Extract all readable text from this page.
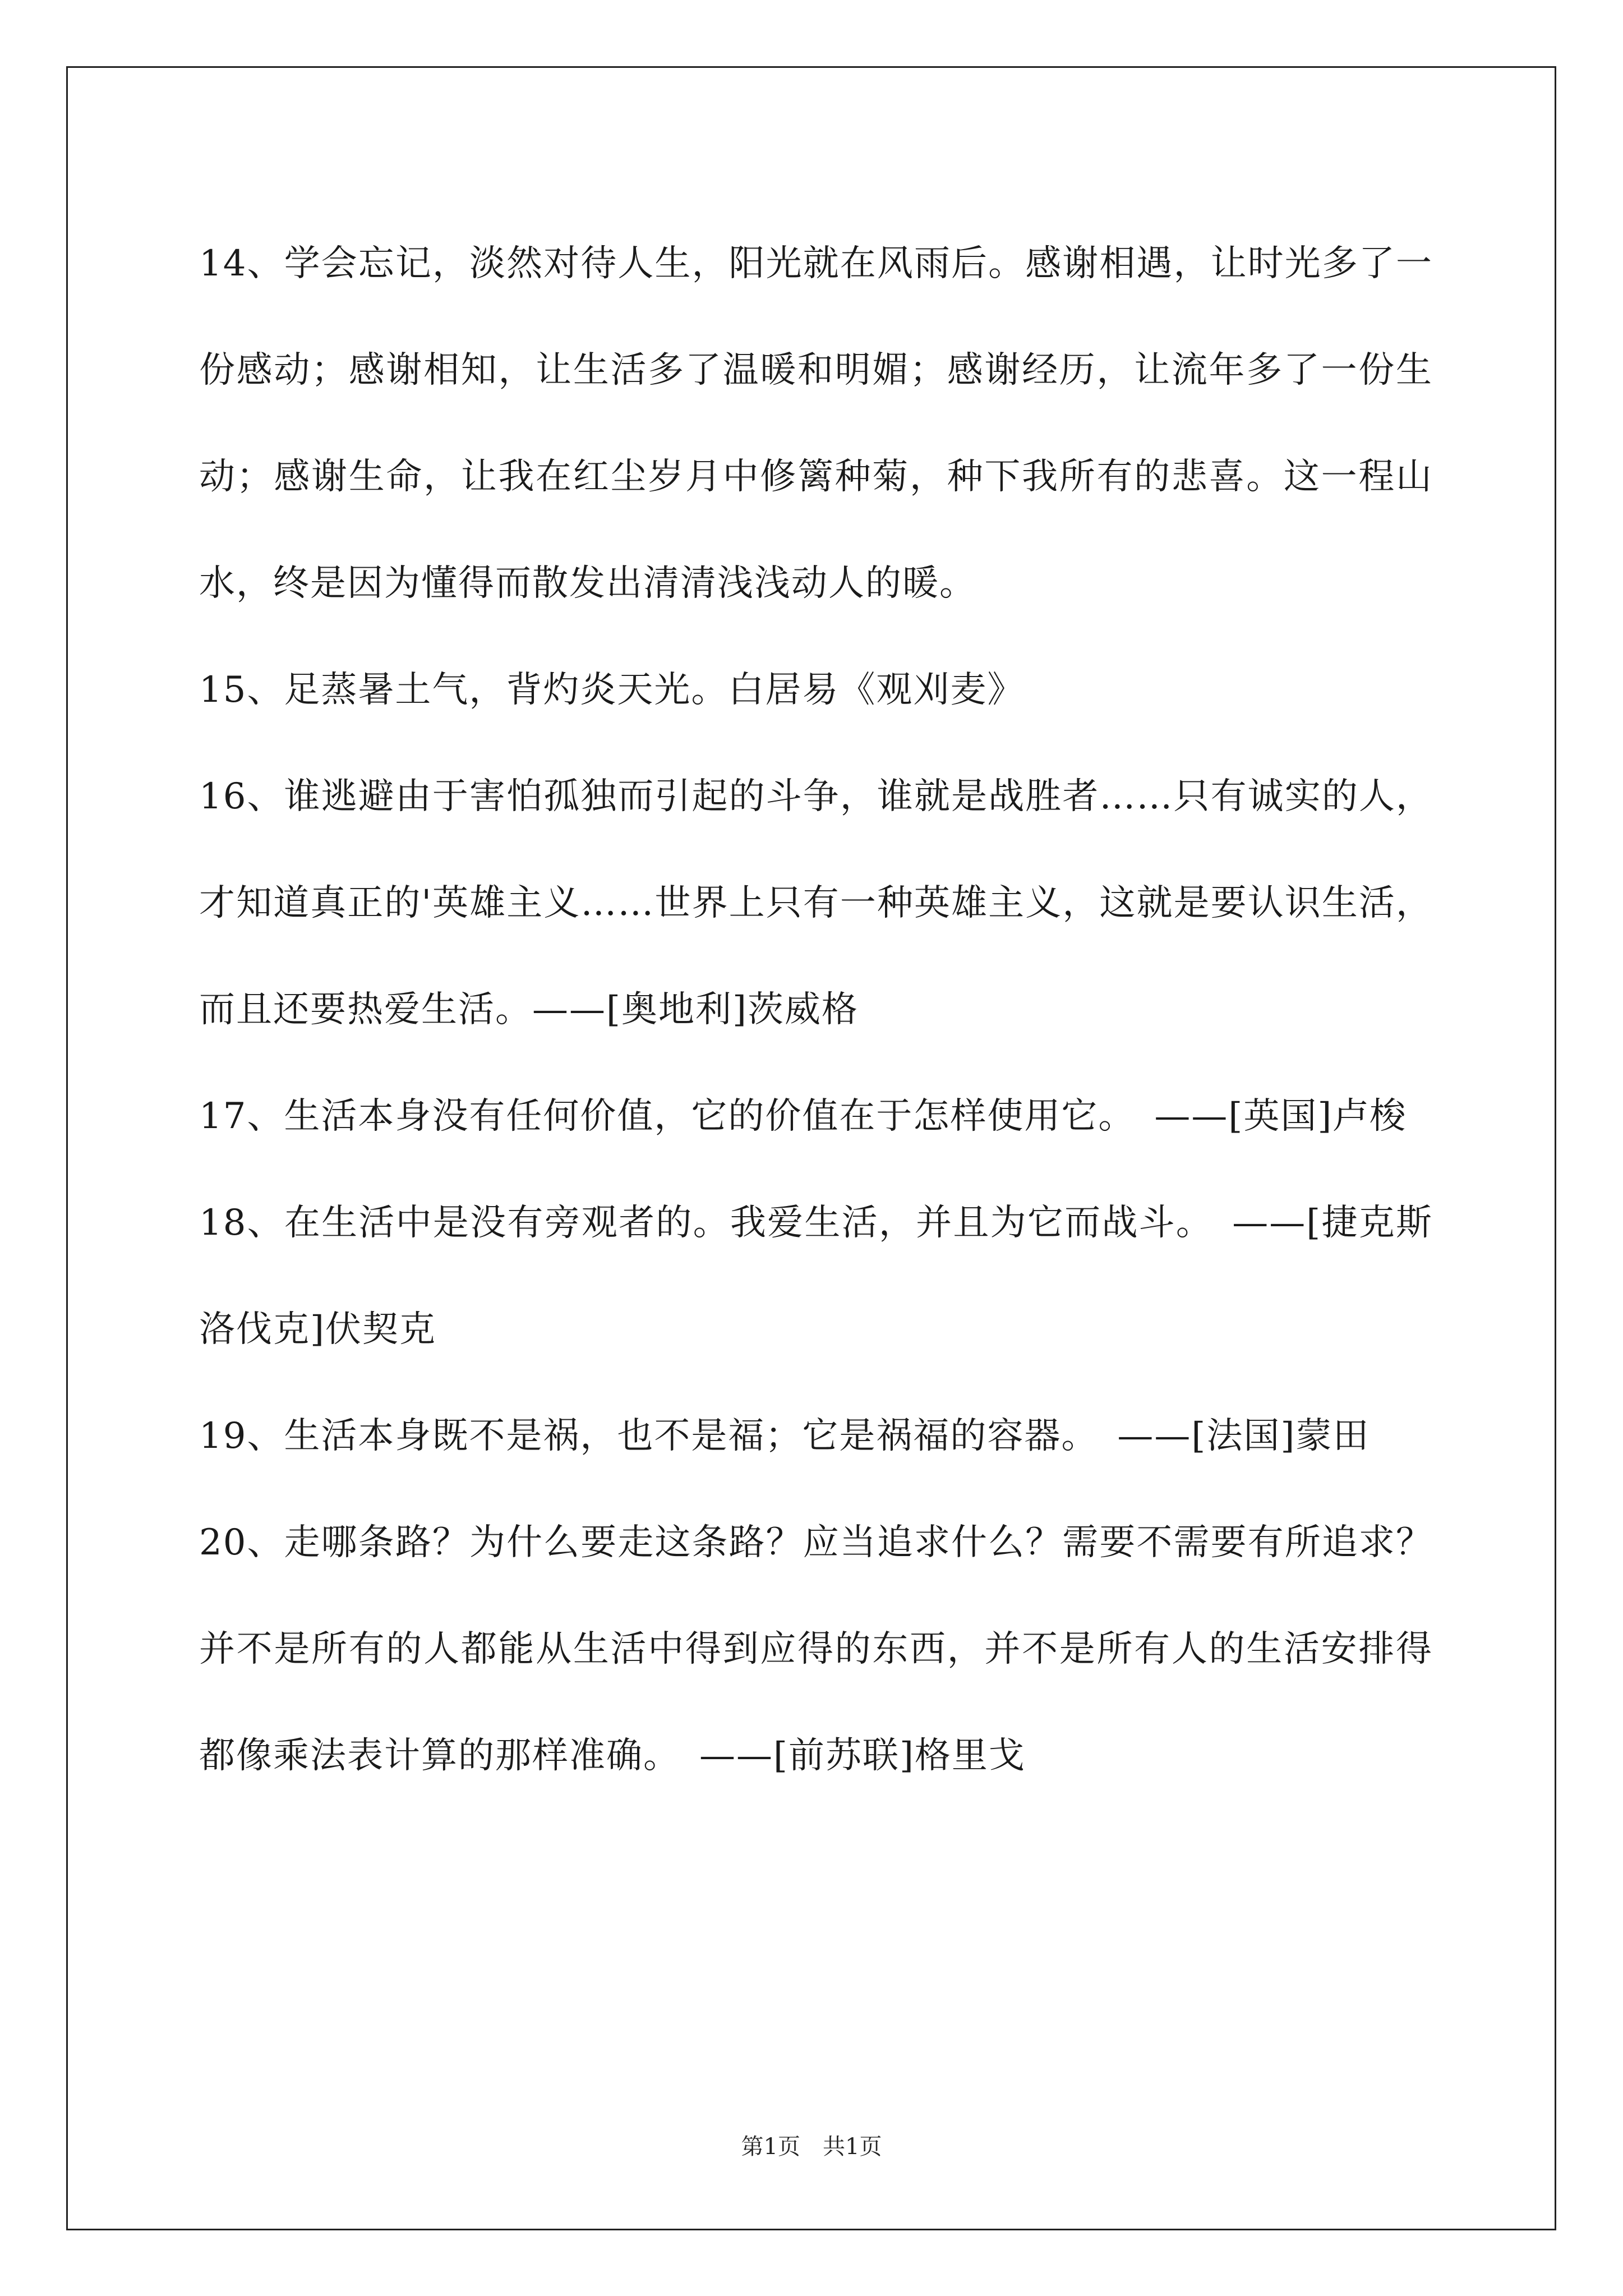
14、学会忘记，淡然对待人生，阳光就在风雨后。感谢相遇，让时光多了一份感动；感谢相知，让生活多了温暖和明媚；感谢经历，让流年多了一份生动；感谢生命，让我在红尘岁月中修篱种菊，种下我所有的悲喜。这一程山水，终是因为懂得而散发出清清浅浅动人的暖。

15、足蒸暑土气，背灼炎天光。白居易《观刈麦》

16、谁逃避由于害怕孤独而引起的斗争，谁就是战胜者……只有诚实的人，才知道真正的'英雄主义……世界上只有一种英雄主义，这就是要认识生活，而且还要热爱生活。——[奥地利]茨威格

17、生活本身没有任何价值，它的价值在于怎样使用它。　——[英国]卢梭

18、在生活中是没有旁观者的。我爱生活，并且为它而战斗。　——[捷克斯洛伐克]伏契克

19、生活本身既不是祸，也不是福；它是祸福的容器。　——[法国]蒙田

20、走哪条路？为什么要走这条路？应当追求什么？需要不需要有所追求？并不是所有的人都能从生活中得到应得的东西，并不是所有人的生活安排得都像乘法表计算的那样准确。　——[前苏联]格里戈

第1页 共1页
